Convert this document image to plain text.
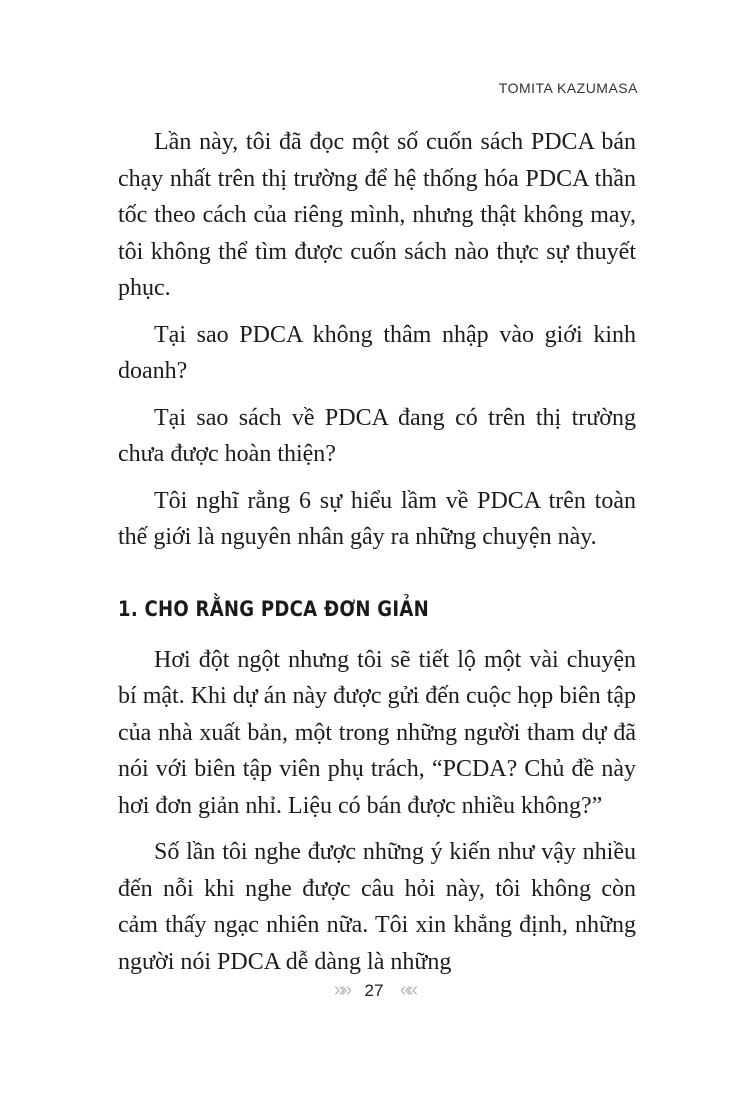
TOMITA KAZUMASA

Lần này, tôi đã đọc một số cuốn sách PDCA bán chạy nhất trên thị trường để hệ thống hóa PDCA thần tốc theo cách của riêng mình, nhưng thật không may, tôi không thể tìm được cuốn sách nào thực sự thuyết phục.

Tại sao PDCA không thâm nhập vào giới kinh doanh?

Tại sao sách về PDCA đang có trên thị trường chưa được hoàn thiện?

Tôi nghĩ rằng 6 sự hiểu lầm về PDCA trên toàn thế giới là nguyên nhân gây ra những chuyện này.

1. CHO RẰNG PDCA ĐƠN GIẢN

Hơi đột ngột nhưng tôi sẽ tiết lộ một vài chuyện bí mật. Khi dự án này được gửi đến cuộc họp biên tập của nhà xuất bản, một trong những người tham dự đã nói với biên tập viên phụ trách, “PCDA? Chủ đề này hơi đơn giản nhỉ. Liệu có bán được nhiều không?”

Số lần tôi nghe được những ý kiến như vậy nhiều đến nỗi khi nghe được câu hỏi này, tôi không còn cảm thấy ngạc nhiên nữa. Tôi xin khẳng định, những người nói PDCA dễ dàng là những

»» 27 ««
